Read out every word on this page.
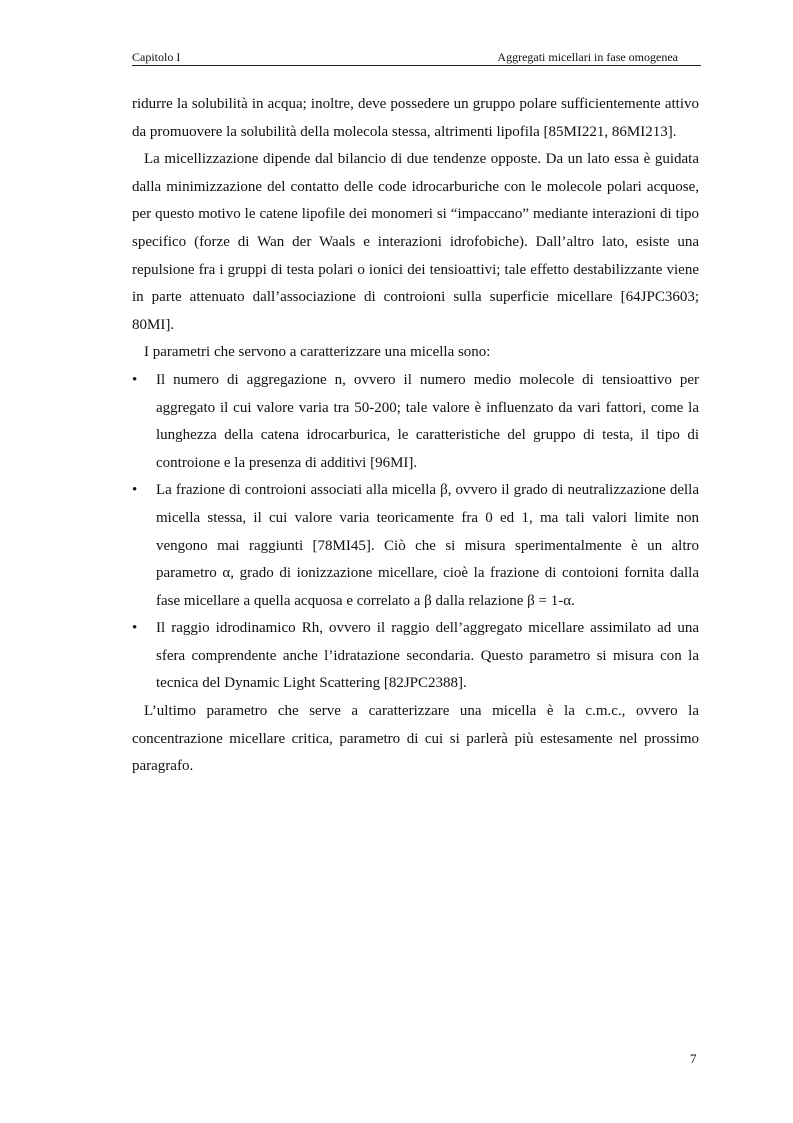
Capitolo I	Aggregati micellari in fase omogenea

ridurre la solubilità in acqua; inoltre, deve possedere un gruppo polare sufficientemente attivo da promuovere la solubilità della molecola stessa, altrimenti lipofila [85MI221, 86MI213].

La micellizzazione dipende dal bilancio di due tendenze opposte. Da un lato essa è guidata dalla minimizzazione del contatto delle code idrocarburiche con le molecole polari acquose, per questo motivo le catene lipofile dei monomeri si “impaccano” mediante interazioni di tipo specifico (forze di Wan der Waals e interazioni idrofobiche). Dall’altro lato, esiste una repulsione fra i gruppi di testa polari o ionici dei tensioattivi; tale effetto destabilizzante viene in parte attenuato dall’associazione di controioni sulla superficie micellare [64JPC3603; 80MI].

I parametri che servono a caratterizzare una micella sono:

• Il numero di aggregazione n, ovvero il numero medio molecole di tensioattivo per aggregato il cui valore varia tra 50-200; tale valore è influenzato da vari fattori, come la lunghezza della catena idrocarburica, le caratteristiche del gruppo di testa, il tipo di controione e la presenza di additivi [96MI].
• La frazione di controioni associati alla micella β, ovvero il grado di neutralizzazione della micella stessa, il cui valore varia teoricamente fra 0 ed 1, ma tali valori limite non vengono mai raggiunti [78MI45]. Ciò che si misura sperimentalmente è un altro parametro α, grado di ionizzazione micellare, cioè la frazione di contoioni fornita dalla fase micellare a quella acquosa e correlato a β dalla relazione β = 1-α.
• Il raggio idrodinamico Rh, ovvero il raggio dell’aggregato micellare assimilato ad una sfera comprendente anche l’idratazione secondaria. Questo parametro si misura con la tecnica del Dynamic Light Scattering [82JPC2388].

L’ultimo parametro che serve a caratterizzare una micella è la c.m.c., ovvero la concentrazione micellare critica, parametro di cui si parlerà più estesamente nel prossimo paragrafo.

7
